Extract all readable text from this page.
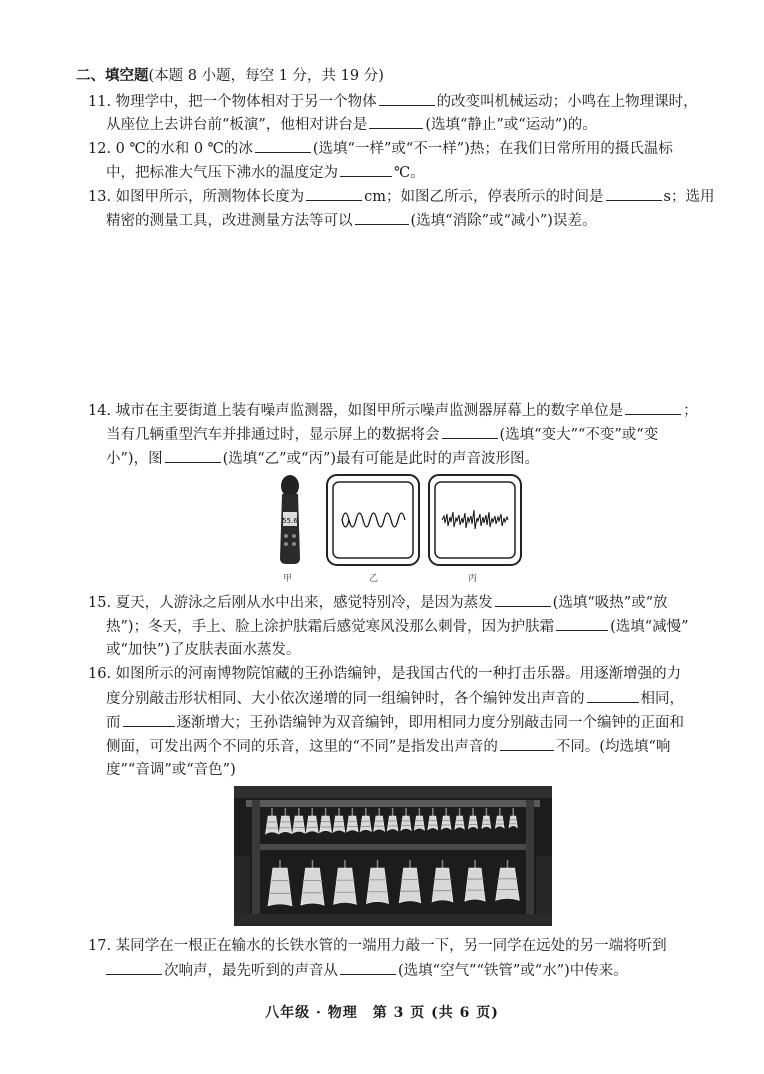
二、填空题(本题 8 小题，每空 1 分，共 19 分)
11. 物理学中，把一个物体相对于另一个物体	的改变叫机械运动；小鸣在上物理课时，
从座位上去讲台前“板演”，他相对讲台是	(选填“静止”或“运动”)的。
12. 0 ℃的水和 0 ℃的冰	(选填“一样”或“不一样”)热；在我们日常所用的摄氏温标
中，把标准大气压下沸水的温度定为	℃。
13. 如图甲所示，所测物体长度为	cm；如图乙所示，停表所示的时间是	s；选用
精密的测量工具，改进测量方法等可以	(选填“消除”或“减小”)误差。
14. 城市在主要街道上装有噪声监测器，如图甲所示噪声监测器屏幕上的数字单位是	；
当有几辆重型汽车并排通过时，显示屏上的数据将会	(选填“变大”“不变”或“变
小”)，图	(选填“乙”或“丙”)最有可能是此时的声音波形图。
55.6
甲	乙	丙
15. 夏天，人游泳之后刚从水中出来，感觉特别冷，是因为蒸发	(选填“吸热”或“放
热”)；冬天，手上、脸上涂护肤霜后感觉寒风没那么刺骨，因为护肤霜	(选填“减慢”
或“加快”)了皮肤表面水蒸发。
16. 如图所示的河南博物院馆藏的王孙诰编钟，是我国古代的一种打击乐器。用逐渐增强的力
度分别敲击形状相同、大小依次递增的同一组编钟时，各个编钟发出声音的	相同，
而	逐渐增大；王孙诰编钟为双音编钟，即用相同力度分别敲击同一个编钟的正面和
侧面，可发出两个不同的乐音，这里的“不同”是指发出声音的	不同。(均选填“响
度”“音调”或“音色”)
17. 某同学在一根正在输水的长铁水管的一端用力敲一下，另一同学在远处的另一端将听到
次响声，最先听到的声音从	(选填“空气”“铁管”或“水”)中传来。
八年级 · 物理　第 3 页 (共 6 页)
